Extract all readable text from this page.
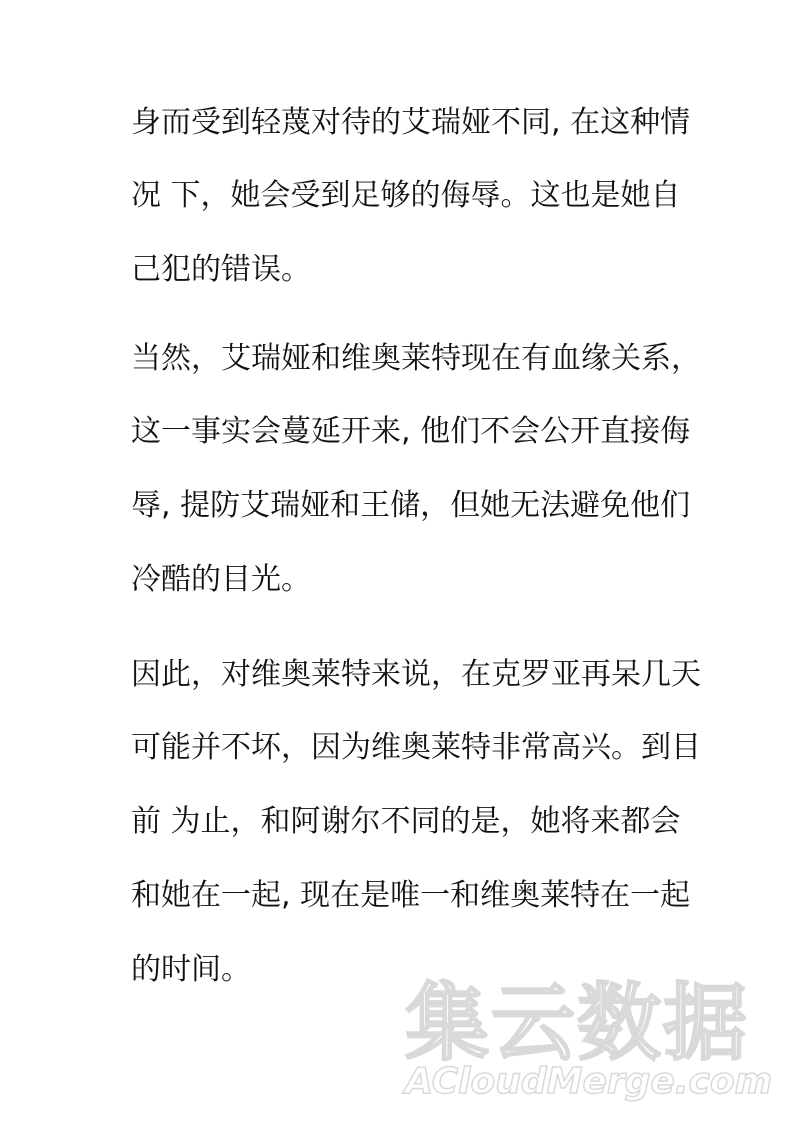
身而受到轻蔑对待的艾瑞娅不同, 在这种情
况 下，她会受到足够的侮辱。这也是她自
己犯的错误。
当然，艾瑞娅和维奥莱特现在有血缘关系，
这一事实会蔓延开来, 他们不会公开直接侮
辱, 提防艾瑞娅和王储，但她无法避免他们
冷酷的目光。
因此，对维奥莱特来说，在克罗亚再呆几天
可能并不坏，因为维奥莱特非常高兴。到目
前 为止，和阿谢尔不同的是，她将来都会
和她在一起, 现在是唯一和维奥莱特在一起
的时间。
集云数据
ACloudMerge.com
